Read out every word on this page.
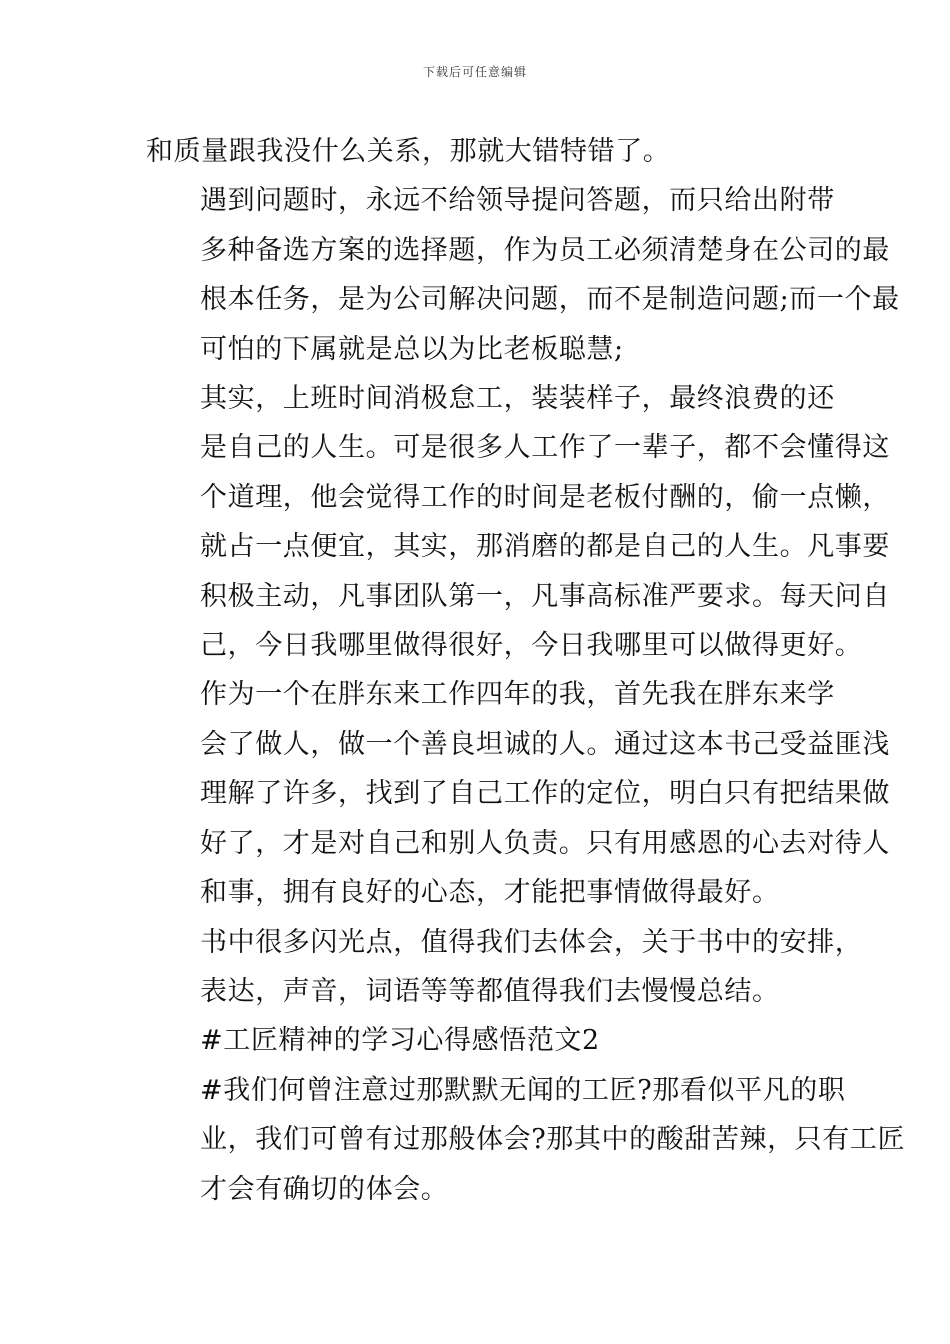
下载后可任意编辑

和质量跟我没什么关系，那就大错特错了。

遇到问题时，永远不给领导提问答题，而只给出附带
多种备选方案的选择题，作为员工必须清楚身在公司的最
根本任务，是为公司解决问题，而不是制造问题;而一个最
可怕的下属就是总以为比老板聪慧;

其实，上班时间消极怠工，装装样子，最终浪费的还
是自己的人生。可是很多人工作了一辈子，都不会懂得这
个道理，他会觉得工作的时间是老板付酬的，偷一点懒，
就占一点便宜，其实，那消磨的都是自己的人生。凡事要
积极主动，凡事团队第一，凡事高标准严要求。每天问自
己，今日我哪里做得很好，今日我哪里可以做得更好。

作为一个在胖东来工作四年的我，首先我在胖东来学
会了做人，做一个善良坦诚的人。通过这本书己受益匪浅
理解了许多，找到了自己工作的定位，明白只有把结果做
好了，才是对自己和别人负责。只有用感恩的心去对待人
和事，拥有良好的心态，才能把事情做得最好。

书中很多闪光点，值得我们去体会，关于书中的安排，
表达，声音，词语等等都值得我们去慢慢总结。

#工匠精神的学习心得感悟范文2

#我们何曾注意过那默默无闻的工匠?那看似平凡的职
业，我们可曾有过那般体会?那其中的酸甜苦辣，只有工匠
才会有确切的体会。
